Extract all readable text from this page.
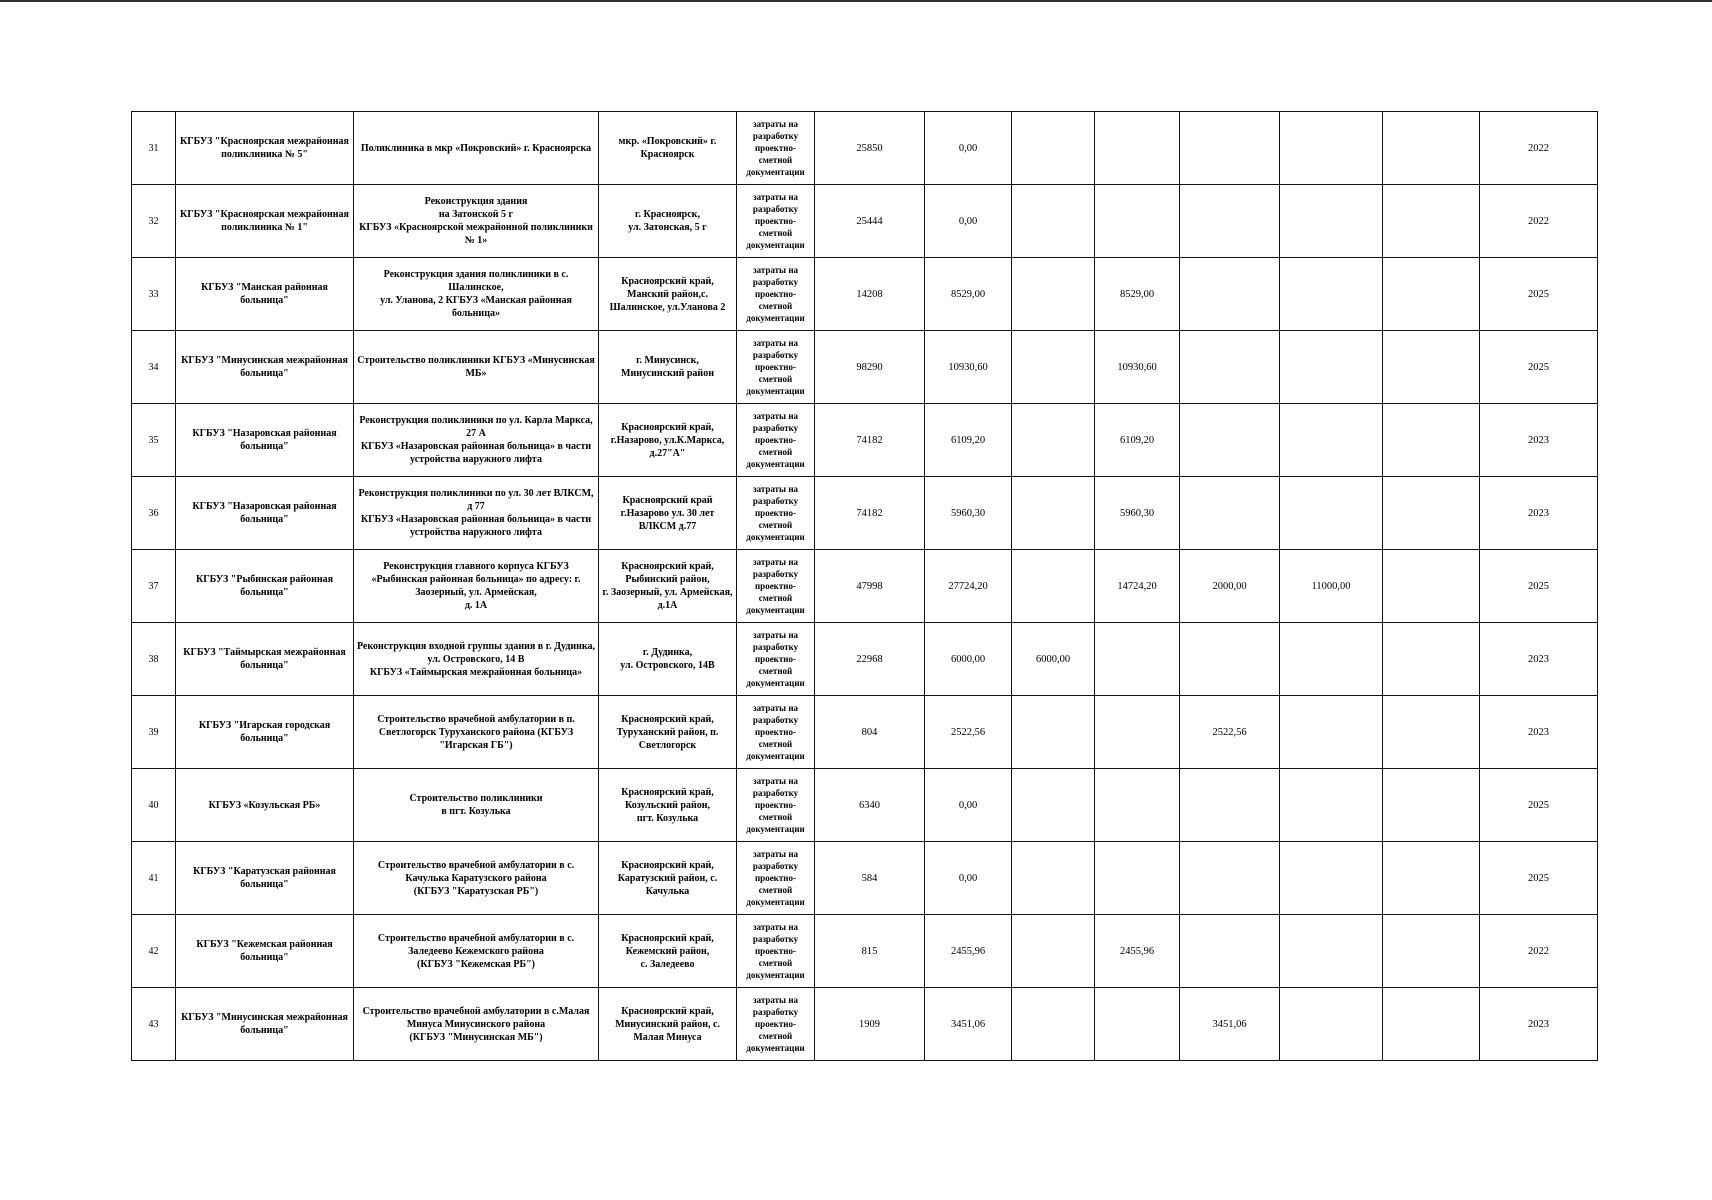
31	КГБУЗ "Красноярская межрайонная поликлиника № 5"	Поликлиника в мкр «Покровский» г. Красноярска	мкр. «Покровский» г. Красноярск	затраты на разработку проектно-сметной документации	25850	0,00						2022
32	КГБУЗ "Красноярская межрайонная поликлиника № 1"	Реконструкция здания
на Затонской 5 г
КГБУЗ «Красноярской межрайонной поликлиники № 1»	г. Красноярск,
ул. Затонская, 5 г	затраты на разработку проектно-сметной документации	25444	0,00						2022
33	КГБУЗ "Манская районная больница"	Реконструкция здания поликлиники в с. Шалинское,
ул. Уланова, 2 КГБУЗ «Манская районная больница»	Красноярский край, Манский район,с. Шалинское, ул.Уланова 2	затраты на разработку проектно-сметной документации	14208	8529,00		8529,00				2025
34	КГБУЗ "Минусинская межрайонная больница"	Строительство поликлиники КГБУЗ «Минусинская МБ»	г. Минусинск,
Минусинский район	затраты на разработку проектно-сметной документации	98290	10930,60		10930,60				2025
35	КГБУЗ "Назаровская районная больница"	Реконструкция поликлиники по ул. Карла Маркса, 27 А
КГБУЗ «Назаровская районная больница» в части устройства наружного лифта	Красноярский край,
г.Назарово, ул.К.Маркса,
д.27"А"	затраты на разработку проектно-сметной документации	74182	6109,20		6109,20				2023
36	КГБУЗ "Назаровская районная больница"	Реконструкция поликлиники по ул. 30 лет ВЛКСМ, д 77
КГБУЗ «Назаровская районная больница» в части устройства наружного лифта	Красноярский край
г.Назарово ул. 30 лет ВЛКСМ д.77	затраты на разработку проектно-сметной документации	74182	5960,30		5960,30				2023
37	КГБУЗ "Рыбинская районная больница"	Реконструкция главного корпуса КГБУЗ «Рыбинская районная больница» по адресу: г. Заозерный, ул. Армейская,
д. 1А	Красноярский край, Рыбинский район,
г. Заозерный, ул. Армейская, д.1А	затраты на разработку проектно-сметной документации	47998	27724,20		14724,20	2000,00	11000,00		2025
38	КГБУЗ "Таймырская межрайонная больница"	Реконструкция входной группы здания в г. Дудинка,
ул. Островского, 14 В
КГБУЗ «Таймырская межрайонная больница»	г. Дудинка,
ул. Островского, 14В	затраты на разработку проектно-сметной документации	22968	6000,00	6000,00					2023
39	КГБУЗ "Игарская городская больница"	Строительство врачебной амбулатории в п. Светлогорск Туруханского района (КГБУЗ "Игарская ГБ")	Красноярский край, Туруханский район, п. Светлогорск	затраты на разработку проектно-сметной документации	804	2522,56			2522,56			2023
40	КГБУЗ «Козульская РБ»	Строительство поликлиники
в пгт. Козулька	Красноярский край, Козульский район,
пгт. Козулька	затраты на разработку проектно-сметной документации	6340	0,00						2025
41	КГБУЗ "Каратузская районная больница"	Строительство врачебной амбулатории в с. Качулька Каратузского района
(КГБУЗ "Каратузская РБ")	Красноярский край, Каратузский район, с. Качулька	затраты на разработку проектно-сметной документации	584	0,00						2025
42	КГБУЗ "Кежемская районная больница"	Строительство врачебной амбулатории в с. Заледеево Кежемского района
(КГБУЗ "Кежемская РБ")	Красноярский край, Кежемский район,
с. Заледеево	затраты на разработку проектно-сметной документации	815	2455,96		2455,96				2022
43	КГБУЗ "Минусинская межрайонная больница"	Строительство врачебной амбулатории в с.Малая Минуса Минусинского района
(КГБУЗ "Минусинская МБ")	Красноярский край, Минусинский район, с. Малая Минуса	затраты на разработку проектно-сметной документации	1909	3451,06			3451,06			2023
